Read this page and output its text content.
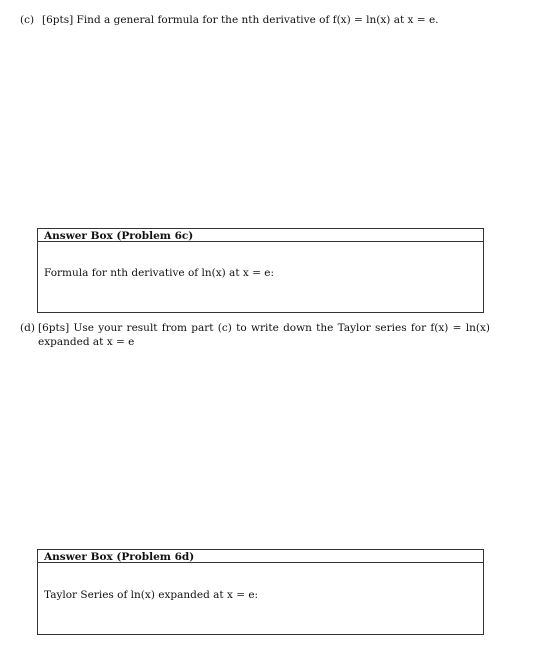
(c) [6pts] Find a general formula for the nth derivative of f(x) = ln(x) at x = e.
Answer Box (Problem 6c)
Formula for nth derivative of ln(x) at x = e:
(d) [6pts] Use your result from part (c) to write down the Taylor series for f(x) = ln(x) expanded at x = e
Answer Box (Problem 6d)
Taylor Series of ln(x) expanded at x = e:
